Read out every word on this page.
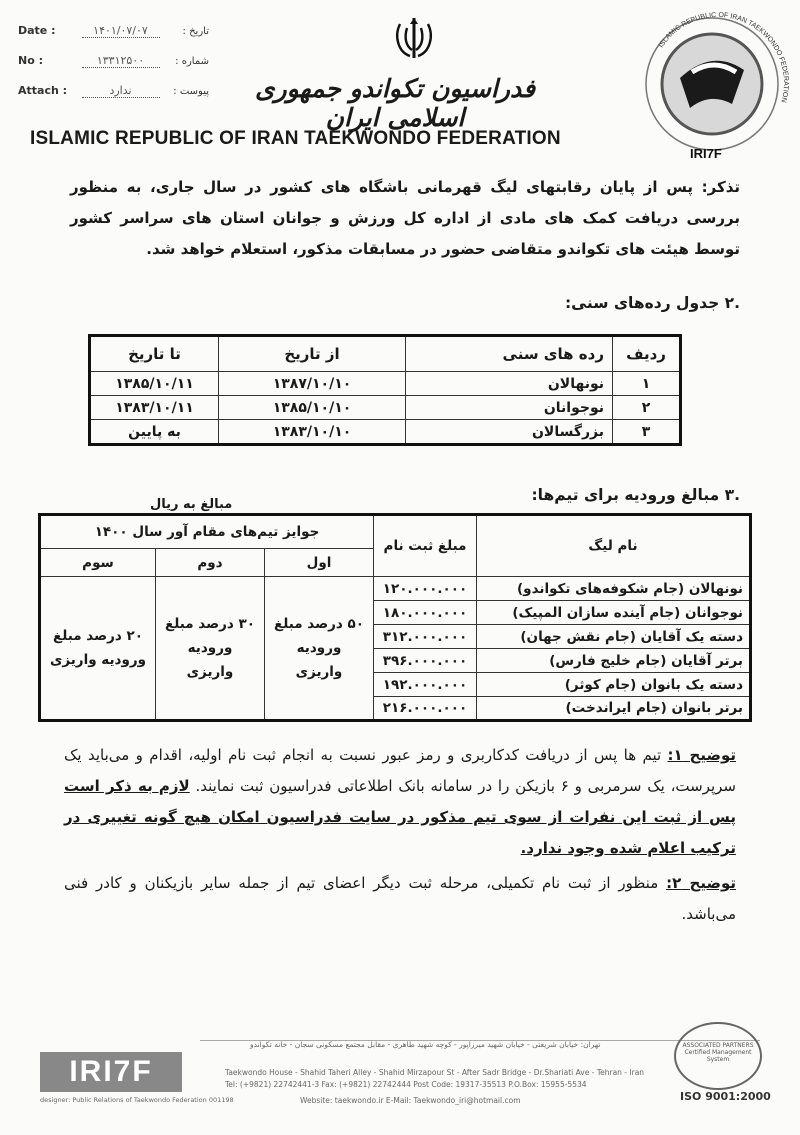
Date :	۱۴۰۱/۰۷/۰۷	: تاریخ
No :	۱۳۳۱۲۵۰۰	: شماره
Attach :	ندارد	: پیوست	فدراسیون تکواندو جمهوری اسلامی ایران
ISLAMIC REPUBLIC OF IRAN TAEKWONDO FEDERATION
IRI7F
ISLAMIC REPUBLIC OF IRAN TAEKWONDO FEDERATION
تذکر: پس از پایان رقابتهای لیگ قهرمانی باشگاه های کشور در سال جاری، به منظور بررسی دریافت کمک های مادی از اداره کل ورزش و جوانان استان های سراسر کشور توسط هیئت های تکواندو متقاضی حضور در مسابقات مذکور، استعلام خواهد شد.
.۲ جدول رده‌های سنی:
ردیف	رده های سنی	از تاریخ	تا تاریخ
۱	نونهالان	۱۳۸۷/۱۰/۱۰	۱۳۸۵/۱۰/۱۱
۲	نوجوانان	۱۳۸۵/۱۰/۱۰	۱۳۸۳/۱۰/۱۱
۳	بزرگسالان	۱۳۸۳/۱۰/۱۰	به پایین
.۳ مبالغ ورودیه برای تیم‌ها:
مبالغ به ریال
نام لیگ	مبلغ ثبت نام	جوایز تیم‌های مقام آور سال ۱۴۰۰		
		اول	دوم	سوم
نونهالان (جام شکوفه‌های تکواندو)	۱۲۰.۰۰۰.۰۰۰	۵۰ درصد مبلغ ورودیه واریزی	۳۰ درصد مبلغ ورودیه واریزی	۲۰ درصد مبلغ ورودیه واریزی
نوجوانان (جام آینده سازان المپیک)	۱۸۰.۰۰۰.۰۰۰			
دسته یک آقایان (جام نقش جهان)	۳۱۲.۰۰۰.۰۰۰			
برتر آقایان (جام خلیج فارس)	۳۹۶.۰۰۰.۰۰۰			
دسته یک بانوان (جام کوثر)	۱۹۲.۰۰۰.۰۰۰			
برتر بانوان (جام ایراندخت)	۲۱۶.۰۰۰.۰۰۰			
توضیح ۱: تیم ها پس از دریافت کدکاربری و رمز عبور نسبت به انجام ثبت نام اولیه، اقدام و می‌باید یک سرپرست، یک سرمربی و ۶ بازیکن را در سامانه بانک اطلاعاتی فدراسیون ثبت نمایند. لازم به ذکر است پس از ثبت این نفرات از سوی تیم مذکور در سایت فدراسیون امکان هیچ گونه تغییری در ترکیب اعلام شده وجود ندارد.
توضیح ۲: منظور از ثبت نام تکمیلی، مرحله ثبت دیگر اعضای تیم از جمله سایر بازیکنان و کادر فنی می‌باشد.
تهران: خیابان شریعتی - خیابان شهید میرزاپور - کوچه شهید طاهری - مقابل مجتمع مسکونی سجان - خانه تکواندو
Taekwondo House - Shahid Taheri Alley - Shahid Mirzapour St - After Sadr Bridge - Dr.Shariati Ave - Tehran - Iran
Tel: (+9821) 22742441-3 Fax: (+9821) 22742444 Post Code: 19317-35513 P.O.Box: 15955-5534
Website: taekwondo.ir E-Mail: Taekwondo_iri@hotmail.com
IRI7F
designer: Public Relations of Taekwondo Federation 001198
ASSOCIATED PARTNERS Certified Management System
ISO 9001:2000
